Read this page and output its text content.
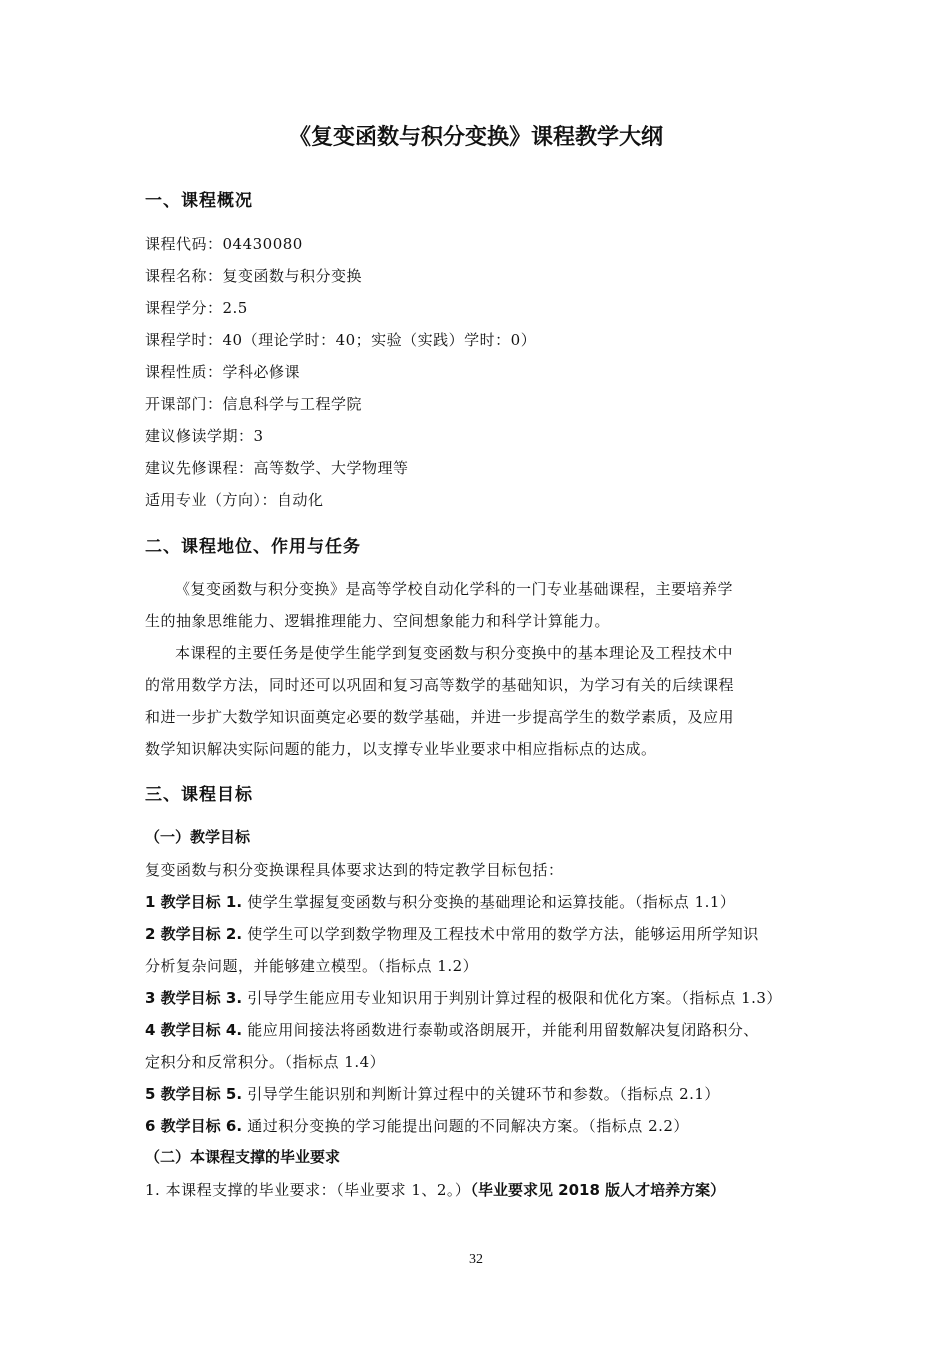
《复变函数与积分变换》课程教学大纲
一、课程概况
课程代码：04430080
课程名称：复变函数与积分变换
课程学分：2.5
课程学时：40（理论学时：40；实验（实践）学时：0）
课程性质：学科必修课
开课部门：信息科学与工程学院
建议修读学期：3
建议先修课程：高等数学、大学物理等
适用专业（方向）：自动化
二、课程地位、作用与任务
《复变函数与积分变换》是高等学校自动化学科的一门专业基础课程，主要培养学
生的抽象思维能力、逻辑推理能力、空间想象能力和科学计算能力。
本课程的主要任务是使学生能学到复变函数与积分变换中的基本理论及工程技术中
的常用数学方法，同时还可以巩固和复习高等数学的基础知识，为学习有关的后续课程
和进一步扩大数学知识面奠定必要的数学基础，并进一步提高学生的数学素质，及应用
数学知识解决实际问题的能力，以支撑专业毕业要求中相应指标点的达成。
三、课程目标
（一）教学目标
复变函数与积分变换课程具体要求达到的特定教学目标包括：
1 教学目标 1. 使学生掌握复变函数与积分变换的基础理论和运算技能。（指标点 1.1）
2 教学目标 2. 使学生可以学到数学物理及工程技术中常用的数学方法，能够运用所学知识
分析复杂问题，并能够建立模型。（指标点 1.2）
3 教学目标 3. 引导学生能应用专业知识用于判别计算过程的极限和优化方案。（指标点 1.3）
4 教学目标 4. 能应用间接法将函数进行泰勒或洛朗展开，并能利用留数解决复闭路积分、
定积分和反常积分。（指标点 1.4）
5 教学目标 5. 引导学生能识别和判断计算过程中的关键环节和参数。（指标点 2.1）
6 教学目标 6. 通过积分变换的学习能提出问题的不同解决方案。（指标点 2.2）
（二）本课程支撑的毕业要求
1. 本课程支撑的毕业要求：（毕业要求 1、2。）（毕业要求见 2018 版人才培养方案）
32
